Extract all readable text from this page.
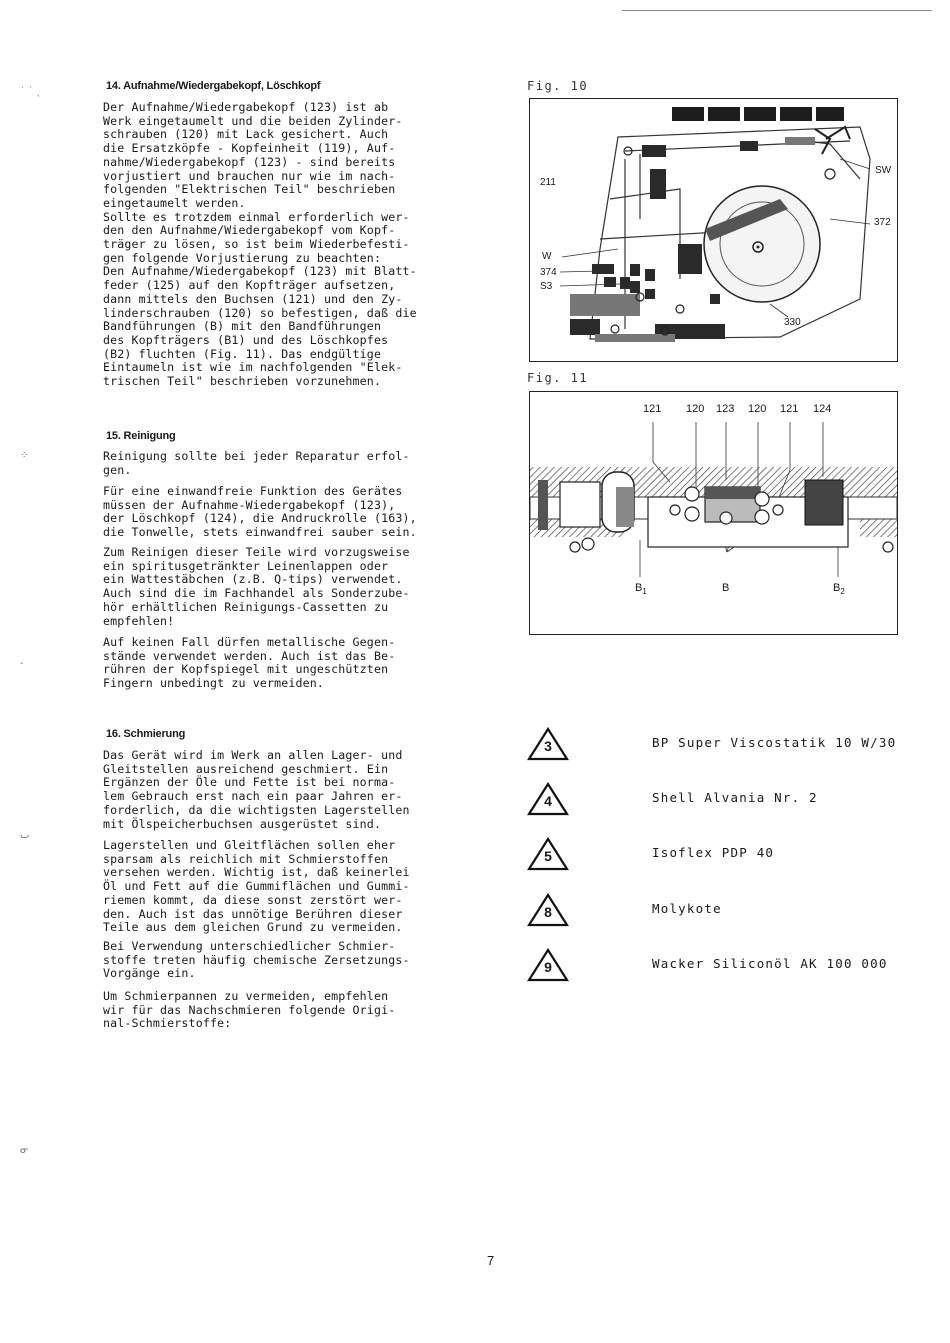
˙ ˙ ˎ
⁘
-
ٮ
ᓂ
14. Aufnahme/Wiedergabekopf, Löschkopf

Der Aufnahme/Wiedergabekopf (123) ist ab
Werk eingetaumelt und die beiden Zylinder-
schrauben (120) mit Lack gesichert. Auch
die Ersatzköpfe - Kopfeinheit (119), Auf-
nahme/Wiedergabekopf (123) - sind bereits
vorjustiert und brauchen nur wie im nach-
folgenden "Elektrischen Teil" beschrieben
eingetaumelt werden.
Sollte es trotzdem einmal erforderlich wer-
den den Aufnahme/Wiedergabekopf vom Kopf-
träger zu lösen, so ist beim Wiederbefesti-
gen folgende Vorjustierung zu beachten:
Den Aufnahme/Wiedergabekopf (123) mit Blatt-
feder (125) auf den Kopfträger aufsetzen,
dann mittels den Buchsen (121) und den Zy-
linderschrauben (120) so befestigen, daß die
Bandführungen (B) mit den Bandführungen
des Kopfträgers (B1) und des Löschkopfes
(B2) fluchten (Fig. 11). Das endgültige
Eintaumeln ist wie im nachfolgenden "Elek-
trischen Teil" beschrieben vorzunehmen.

15. Reinigung

Reinigung sollte bei jeder Reparatur erfol-
gen.

Für eine einwandfreie Funktion des Gerätes
müssen der Aufnahme-Wiedergabekopf (123),
der Löschkopf (124), die Andruckrolle (163),
die Tonwelle, stets einwandfrei sauber sein.

Zum Reinigen dieser Teile wird vorzugsweise
ein spiritusgetränkter Leinenlappen oder
ein Wattestäbchen (z.B. Q-tips) verwendet.
Auch sind die im Fachhandel als Sonderzube-
hör erhältlichen Reinigungs-Cassetten zu
empfehlen!

Auf keinen Fall dürfen metallische Gegen-
stände verwendet werden. Auch ist das Be-
rühren der Kopfspiegel mit ungeschützten
Fingern unbedingt zu vermeiden.

16. Schmierung

Das Gerät wird im Werk an allen Lager- und
Gleitstellen ausreichend geschmiert. Ein
Ergänzen der Öle und Fette ist bei norma-
lem Gebrauch erst nach ein paar Jahren er-
forderlich, da die wichtigsten Lagerstellen
mit Ölspeicherbuchsen ausgerüstet sind.

Lagerstellen und Gleitflächen sollen eher
sparsam als reichlich mit Schmierstoffen
versehen werden. Wichtig ist, daß keinerlei
Öl und Fett auf die Gummiflächen und Gummi-
riemen kommt, da diese sonst zerstört wer-
den. Auch ist das unnötige Berühren dieser
Teile aus dem gleichen Grund zu vermeiden.

Bei Verwendung unterschiedlicher Schmier-
stoffe treten häufig chemische Zersetzungs-
Vorgänge ein.

Um Schmierpannen zu vermeiden, empfehlen
wir für das Nachschmieren folgende Origi-
nal-Schmierstoffe:

Fig. 10
211
W
374
S3
SW
372
330
Fig. 11
121 120 123 120 121 124
$B_1$	B	$B_2$
3	BP Super Viscostatik 10 W/30
4	Shell Alvania Nr. 2
5	Isoflex PDP 40
8	Molykote
9	Wacker Siliconöl AK 100 000
7
